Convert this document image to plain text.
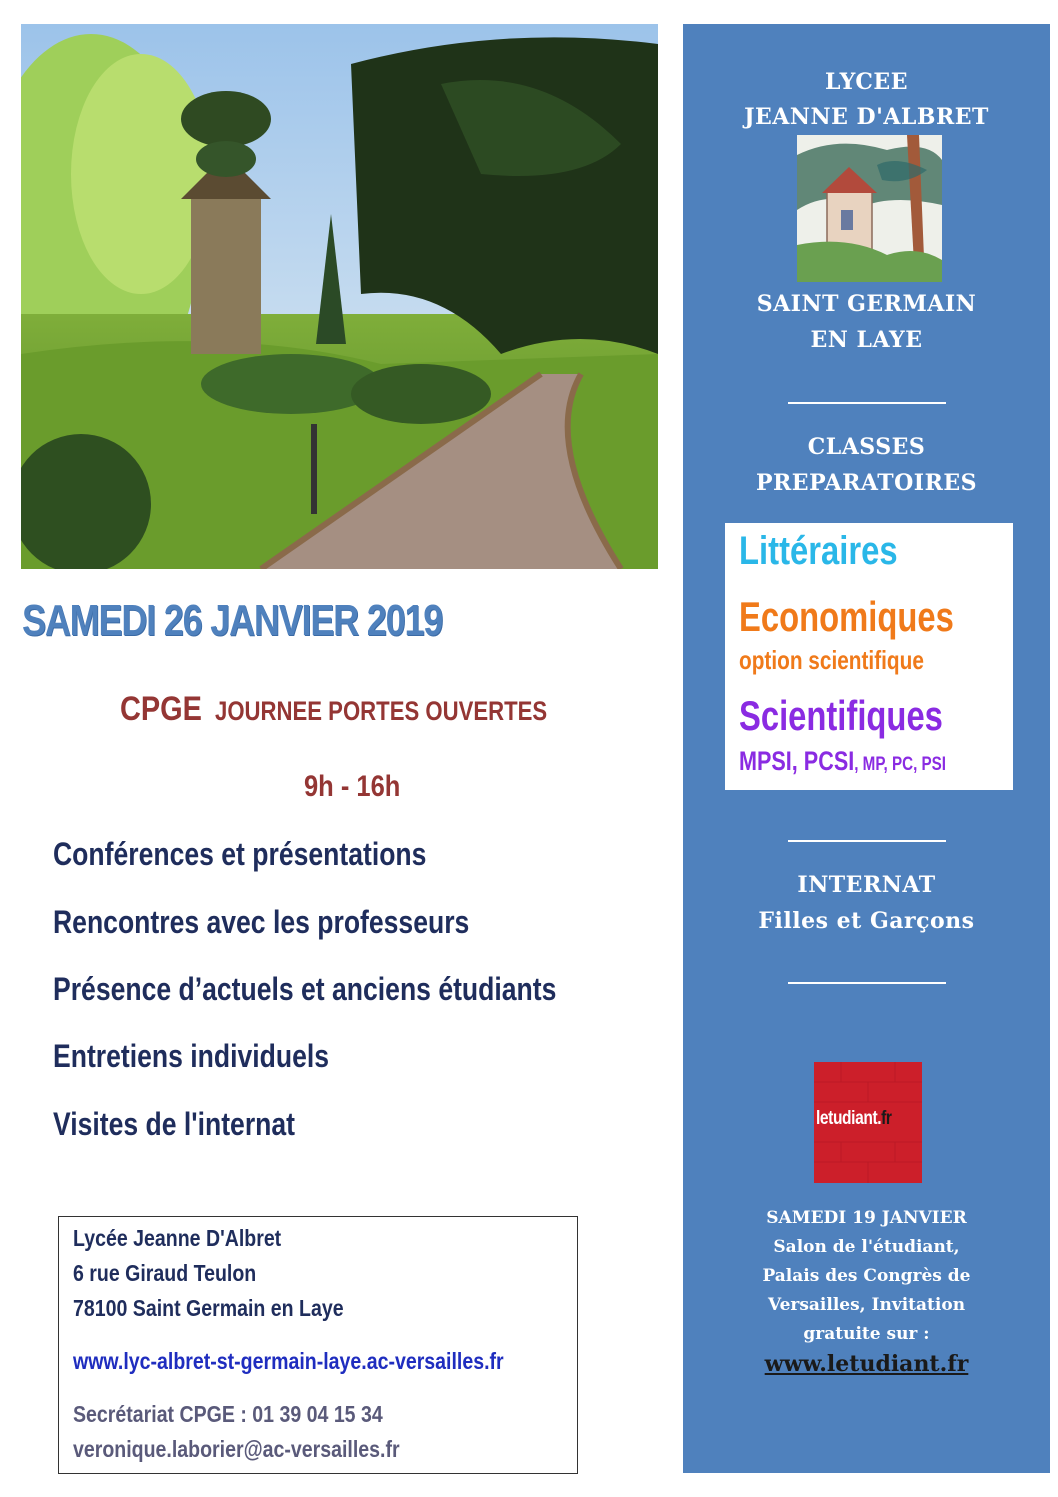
SAMEDI 26 JANVIER 2019
CPGE JOURNEE PORTES OUVERTES
9h - 16h
Conférences et présentations
Rencontres avec les professeurs
Présence d’actuels et anciens étudiants
Entretiens individuels
Visites de l'internat
Lycée Jeanne D'Albret
6 rue Giraud Teulon
78100 Saint Germain en Laye
www.lyc-albret-st-germain-laye.ac-versailles.fr
Secrétariat CPGE : 01 39 04 15 34
veronique.laborier@ac-versailles.fr
LYCEE
JEANNE D'ALBRET
SAINT GERMAIN
EN LAYE
CLASSES
PREPARATOIRES
Littéraires
Economiques
option scientifique
Scientifiques
MPSI, PCSI, MP, PC, PSI
INTERNAT
Filles et Garçons
letudiant.fr
SAMEDI 19 JANVIER
Salon de l'étudiant,
Palais des Congrès de
Versailles, Invitation
gratuite sur :
www.letudiant.fr
